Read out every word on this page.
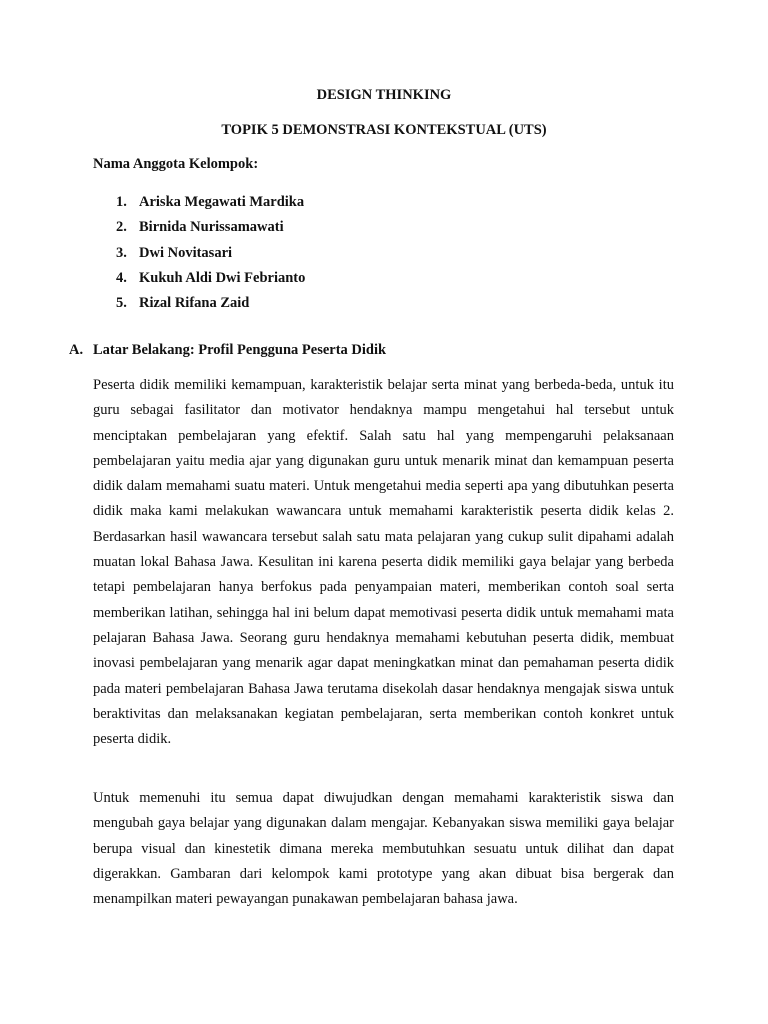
DESIGN THINKING
TOPIK 5 DEMONSTRASI KONTEKSTUAL (UTS)

Nama Anggota Kelompok:

1. Ariska Megawati Mardika
2. Birnida Nurissamawati
3. Dwi Novitasari
4. Kukuh Aldi Dwi Febrianto
5. Rizal Rifana Zaid
A. Latar Belakang: Profil Pengguna Peserta Didik

Peserta didik memiliki kemampuan, karakteristik belajar serta minat yang berbeda-beda, untuk itu guru sebagai fasilitator dan motivator hendaknya mampu mengetahui hal tersebut untuk menciptakan pembelajaran yang efektif. Salah satu hal yang mempengaruhi pelaksanaan pembelajaran yaitu media ajar yang digunakan guru untuk menarik minat dan kemampuan peserta didik dalam memahami suatu materi. Untuk mengetahui media seperti apa yang dibutuhkan peserta didik maka kami melakukan wawancara untuk memahami karakteristik peserta didik kelas 2. Berdasarkan hasil wawancara tersebut salah satu mata pelajaran yang cukup sulit dipahami adalah muatan lokal Bahasa Jawa. Kesulitan ini karena peserta didik memiliki gaya belajar yang berbeda tetapi pembelajaran hanya berfokus pada penyampaian materi, memberikan contoh soal serta memberikan latihan, sehingga hal ini belum dapat memotivasi peserta didik untuk memahami mata pelajaran Bahasa Jawa. Seorang guru hendaknya memahami kebutuhan peserta didik, membuat inovasi pembelajaran yang menarik agar dapat meningkatkan minat dan pemahaman peserta didik pada materi pembelajaran Bahasa Jawa terutama disekolah dasar hendaknya mengajak siswa untuk beraktivitas dan melaksanakan kegiatan pembelajaran, serta memberikan contoh konkret untuk peserta didik.

Untuk memenuhi itu semua dapat diwujudkan dengan memahami karakteristik siswa dan mengubah gaya belajar yang digunakan dalam mengajar. Kebanyakan siswa memiliki gaya belajar berupa visual dan kinestetik dimana mereka membutuhkan sesuatu untuk dilihat dan dapat digerakkan. Gambaran dari kelompok kami prototype yang akan dibuat bisa bergerak dan menampilkan materi pewayangan punakawan pembelajaran bahasa jawa.
